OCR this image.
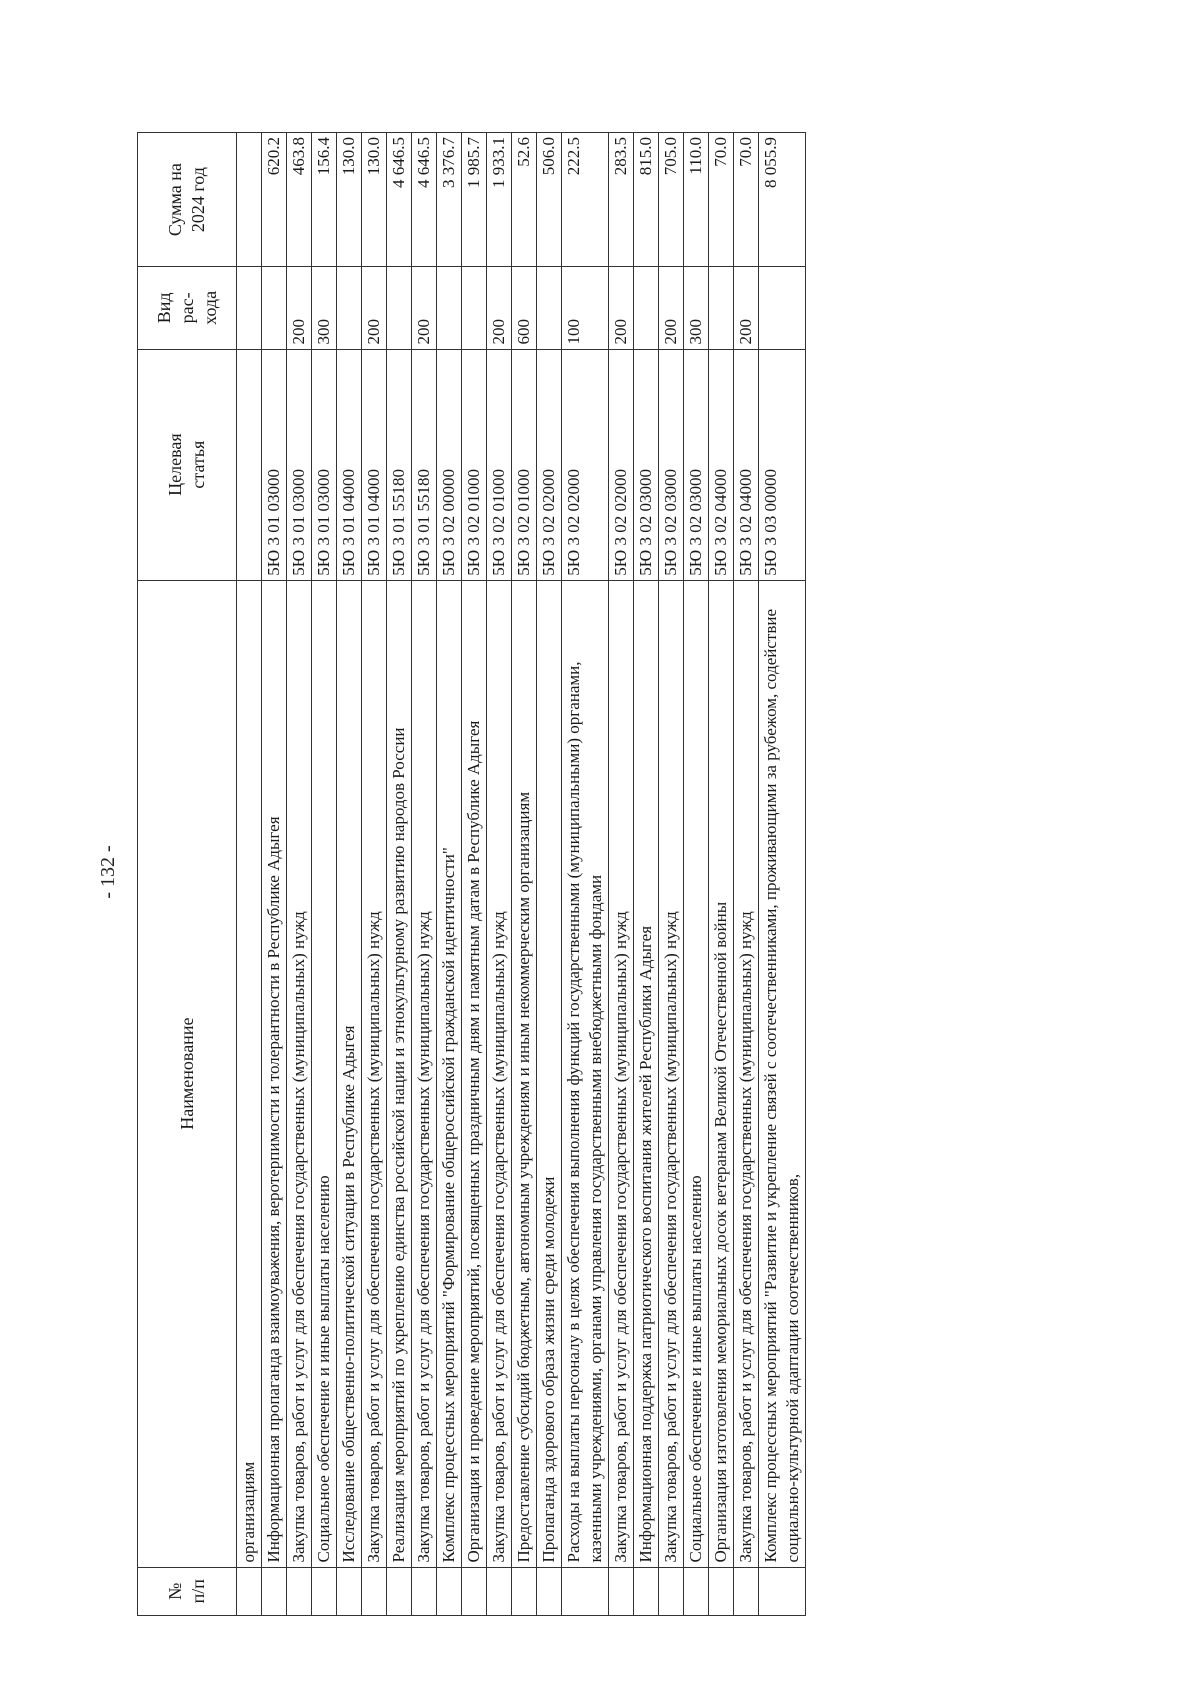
- 132 -
№ п/п	Наименование	Целевая статья	Вид рас- хода	Сумма на 2024 год

	организациям			
	Информационная пропаганда взаимоуважения, веротерпимости и толерантности в Республике Адыгея	5Ю 3 01 03000		620.2
	Закупка товаров, работ и услуг для обеспечения государственных (муниципальных) нужд	5Ю 3 01 03000	200	463.8
	Социальное обеспечение и иные выплаты населению	5Ю 3 01 03000	300	156.4
	Исследование общественно-политической ситуации в Республике Адыгея	5Ю 3 01 04000		130.0
	Закупка товаров, работ и услуг для обеспечения государственных (муниципальных) нужд	5Ю 3 01 04000	200	130.0
	Реализация мероприятий по укреплению единства российской нации и этнокультурному развитию народов России	5Ю 3 01 55180		4 646.5
	Закупка товаров, работ и услуг для обеспечения государственных (муниципальных) нужд	5Ю 3 01 55180	200	4 646.5
	Комплекс процессных мероприятий "Формирование общероссийской гражданской идентичности"	5Ю 3 02 00000		3 376.7
	Организация и проведение мероприятий, посвященных праздничным дням и памятным датам в Республике Адыгея	5Ю 3 02 01000		1 985.7
	Закупка товаров, работ и услуг для обеспечения государственных (муниципальных) нужд	5Ю 3 02 01000	200	1 933.1
	Предоставление субсидий бюджетным, автономным учреждениям и иным некоммерческим организациям	5Ю 3 02 01000	600	52.6
	Пропаганда здорового образа жизни среди молодежи	5Ю 3 02 02000		506.0
	Расходы на выплаты персоналу в целях обеспечения выполнения функций государственными (муниципальными) органами, казенными учреждениями, органами управления государственными внебюджетными фондами	5Ю 3 02 02000	100	222.5
	Закупка товаров, работ и услуг для обеспечения государственных (муниципальных) нужд	5Ю 3 02 02000	200	283.5
	Информационная поддержка патриотического воспитания жителей Республики Адыгея	5Ю 3 02 03000		815.0
	Закупка товаров, работ и услуг для обеспечения государственных (муниципальных) нужд	5Ю 3 02 03000	200	705.0
	Социальное обеспечение и иные выплаты населению	5Ю 3 02 03000	300	110.0
	Организация изготовления мемориальных досок ветеранам Великой Отечественной войны	5Ю 3 02 04000		70.0
	Закупка товаров, работ и услуг для обеспечения государственных (муниципальных) нужд	5Ю 3 02 04000	200	70.0
	Комплекс процессных мероприятий "Развитие и укрепление связей с соотечественниками, проживающими за рубежом, содействие социально-культурной адаптации соотечественников,	5Ю 3 03 00000		8 055.9
